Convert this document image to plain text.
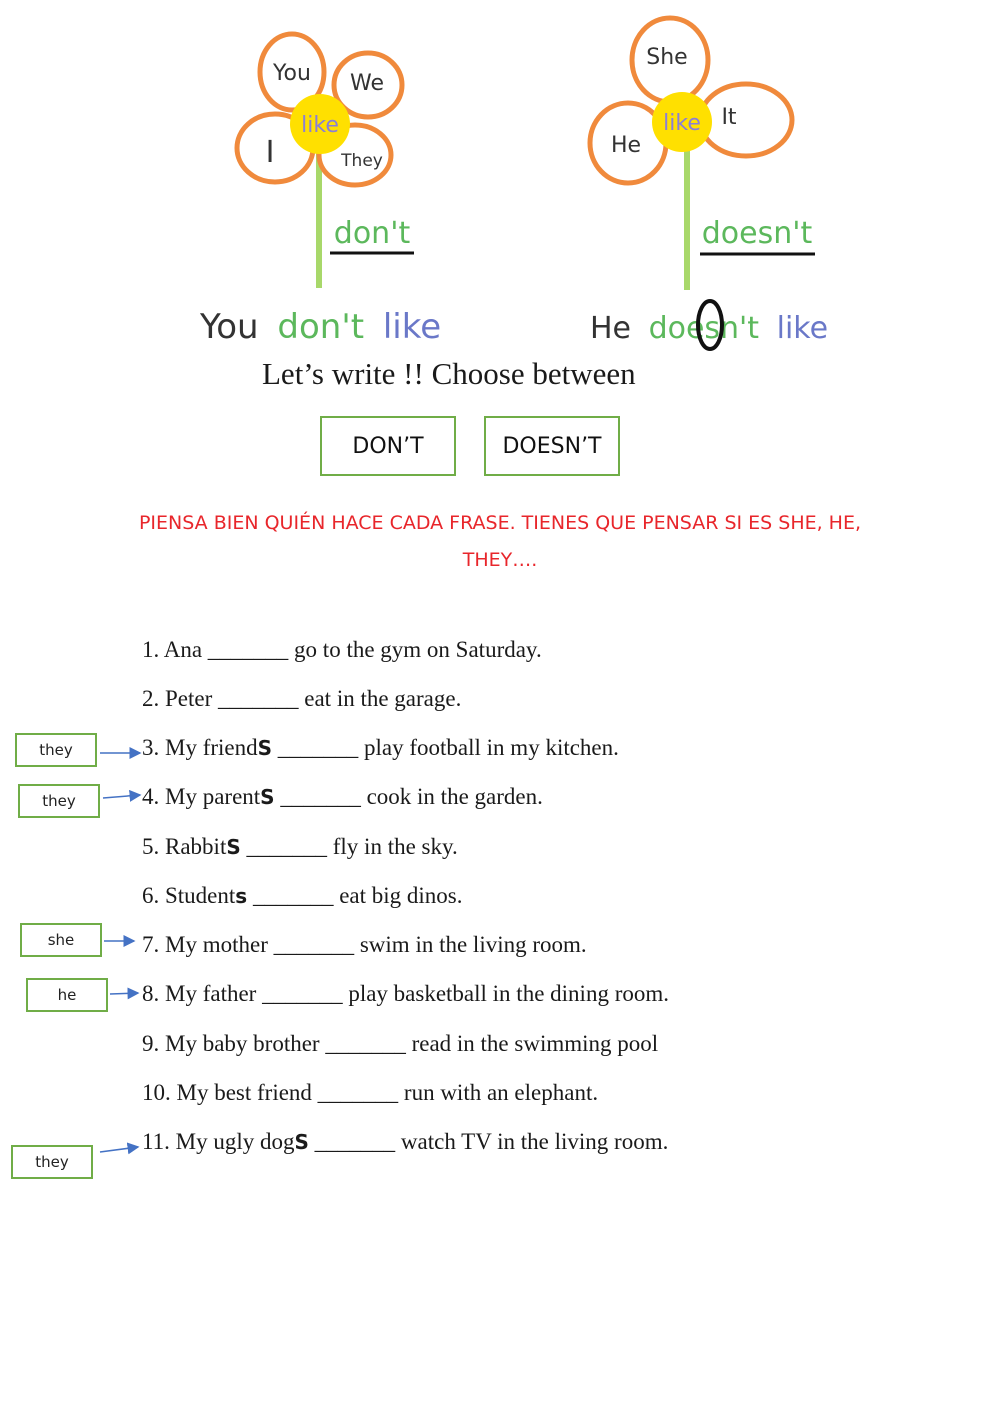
You We
I	They
like
don't
You don't like
She
He
It
like
doesn't
He doesn't like
Let’s write !! Choose between
DON’T	DOESN’T
PIENSA BIEN QUIÉN HACE CADA FRASE. TIENES QUE PENSAR SI ES SHE, HE, THEY….
1. Ana _______ go to the gym on Saturday.
2. Peter _______ eat in the garage.
3. My friendS _______ play football in my kitchen.
4. My parentS _______ cook in the garden.
5. RabbitS _______ fly in the sky.
6. Students _______ eat big dinos.
7. My mother _______ swim in the living room.
8. My father _______ play basketball in the dining room.
9. My baby brother _______ read in the swimming pool
10. My best friend _______ run with an elephant.
11. My ugly dogS _______ watch TV in the living room.
they
they
she
he
they
